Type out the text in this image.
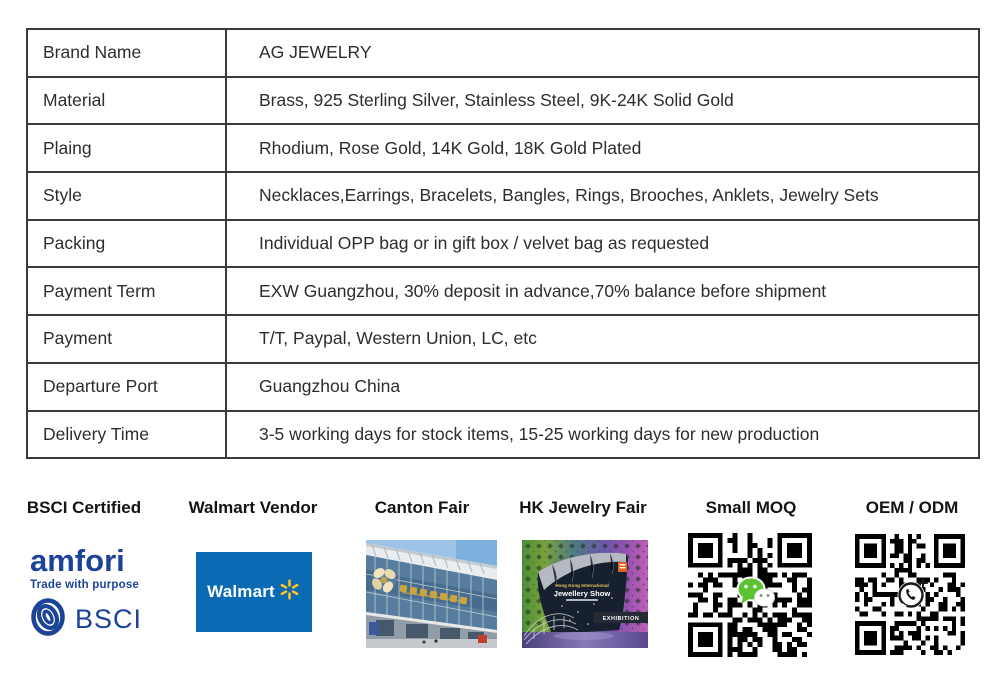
Brand Name	AG JEWELRY
Material	Brass, 925 Sterling Silver, Stainless Steel, 9K-24K Solid Gold
Plaing	Rhodium, Rose Gold, 14K Gold, 18K Gold Plated
Style	Necklaces,Earrings, Bracelets, Bangles, Rings, Brooches, Anklets, Jewelry Sets
Packing	Individual OPP bag or in gift box / velvet bag as requested
Payment Term	EXW Guangzhou, 30% deposit in advance,70% balance before shipment
Payment	T/T, Paypal, Western Union, LC, etc
Departure Port	Guangzhou China
Delivery Time	3-5 working days for stock items, 15-25 working days for new production
BSCI Certified	Walmart Vendor	Canton Fair	HK Jewelry Fair	Small MOQ	OEM / ODM
amfori
Trade with purpose
BSCI
Walmart	Hong Kong International
Jewellery Show
EXHIBITION
